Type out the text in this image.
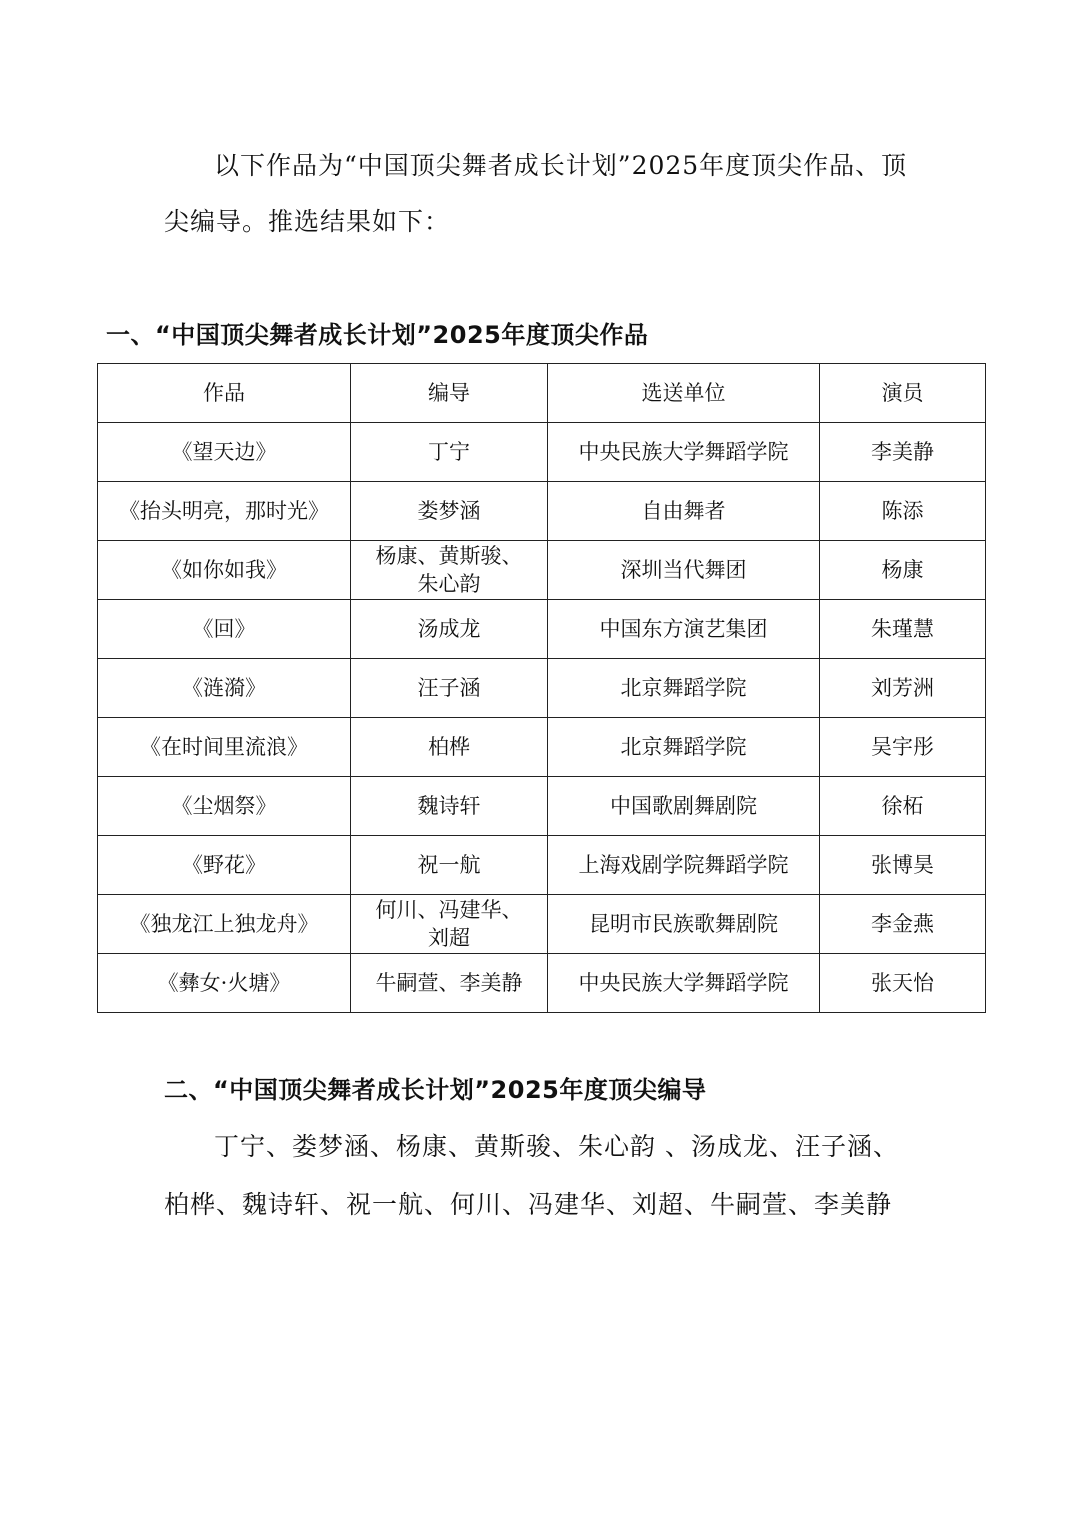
以下作品为“中国顶尖舞者成长计划”2025年度顶尖作品、顶尖编导。推选结果如下：

一、“中国顶尖舞者成长计划”2025年度顶尖作品
作品	编导	选送单位	演员
《望天边》	丁宁	中央民族大学舞蹈学院	李美静
《抬头明亮，那时光》	娄梦涵	自由舞者	陈添
《如你如我》	杨康、黄斯骏、朱心韵	深圳当代舞团	杨康
《回》	汤成龙	中国东方演艺集团	朱瑾慧
《涟漪》	汪子涵	北京舞蹈学院	刘芳洲
《在时间里流浪》	柏桦	北京舞蹈学院	吴宇彤
《尘烟祭》	魏诗轩	中国歌剧舞剧院	徐柘
《野花》	祝一航	上海戏剧学院舞蹈学院	张博昊
《独龙江上独龙舟》	何川、冯建华、刘超	昆明市民族歌舞剧院	李金燕
《彝女·火塘》	牛嗣萱、李美静	中央民族大学舞蹈学院	张天怡
二、“中国顶尖舞者成长计划”2025年度顶尖编导

丁宁、娄梦涵、杨康、黄斯骏、朱心韵 、汤成龙、汪子涵、柏桦、魏诗轩、祝一航、何川、冯建华、刘超、牛嗣萱、李美静
